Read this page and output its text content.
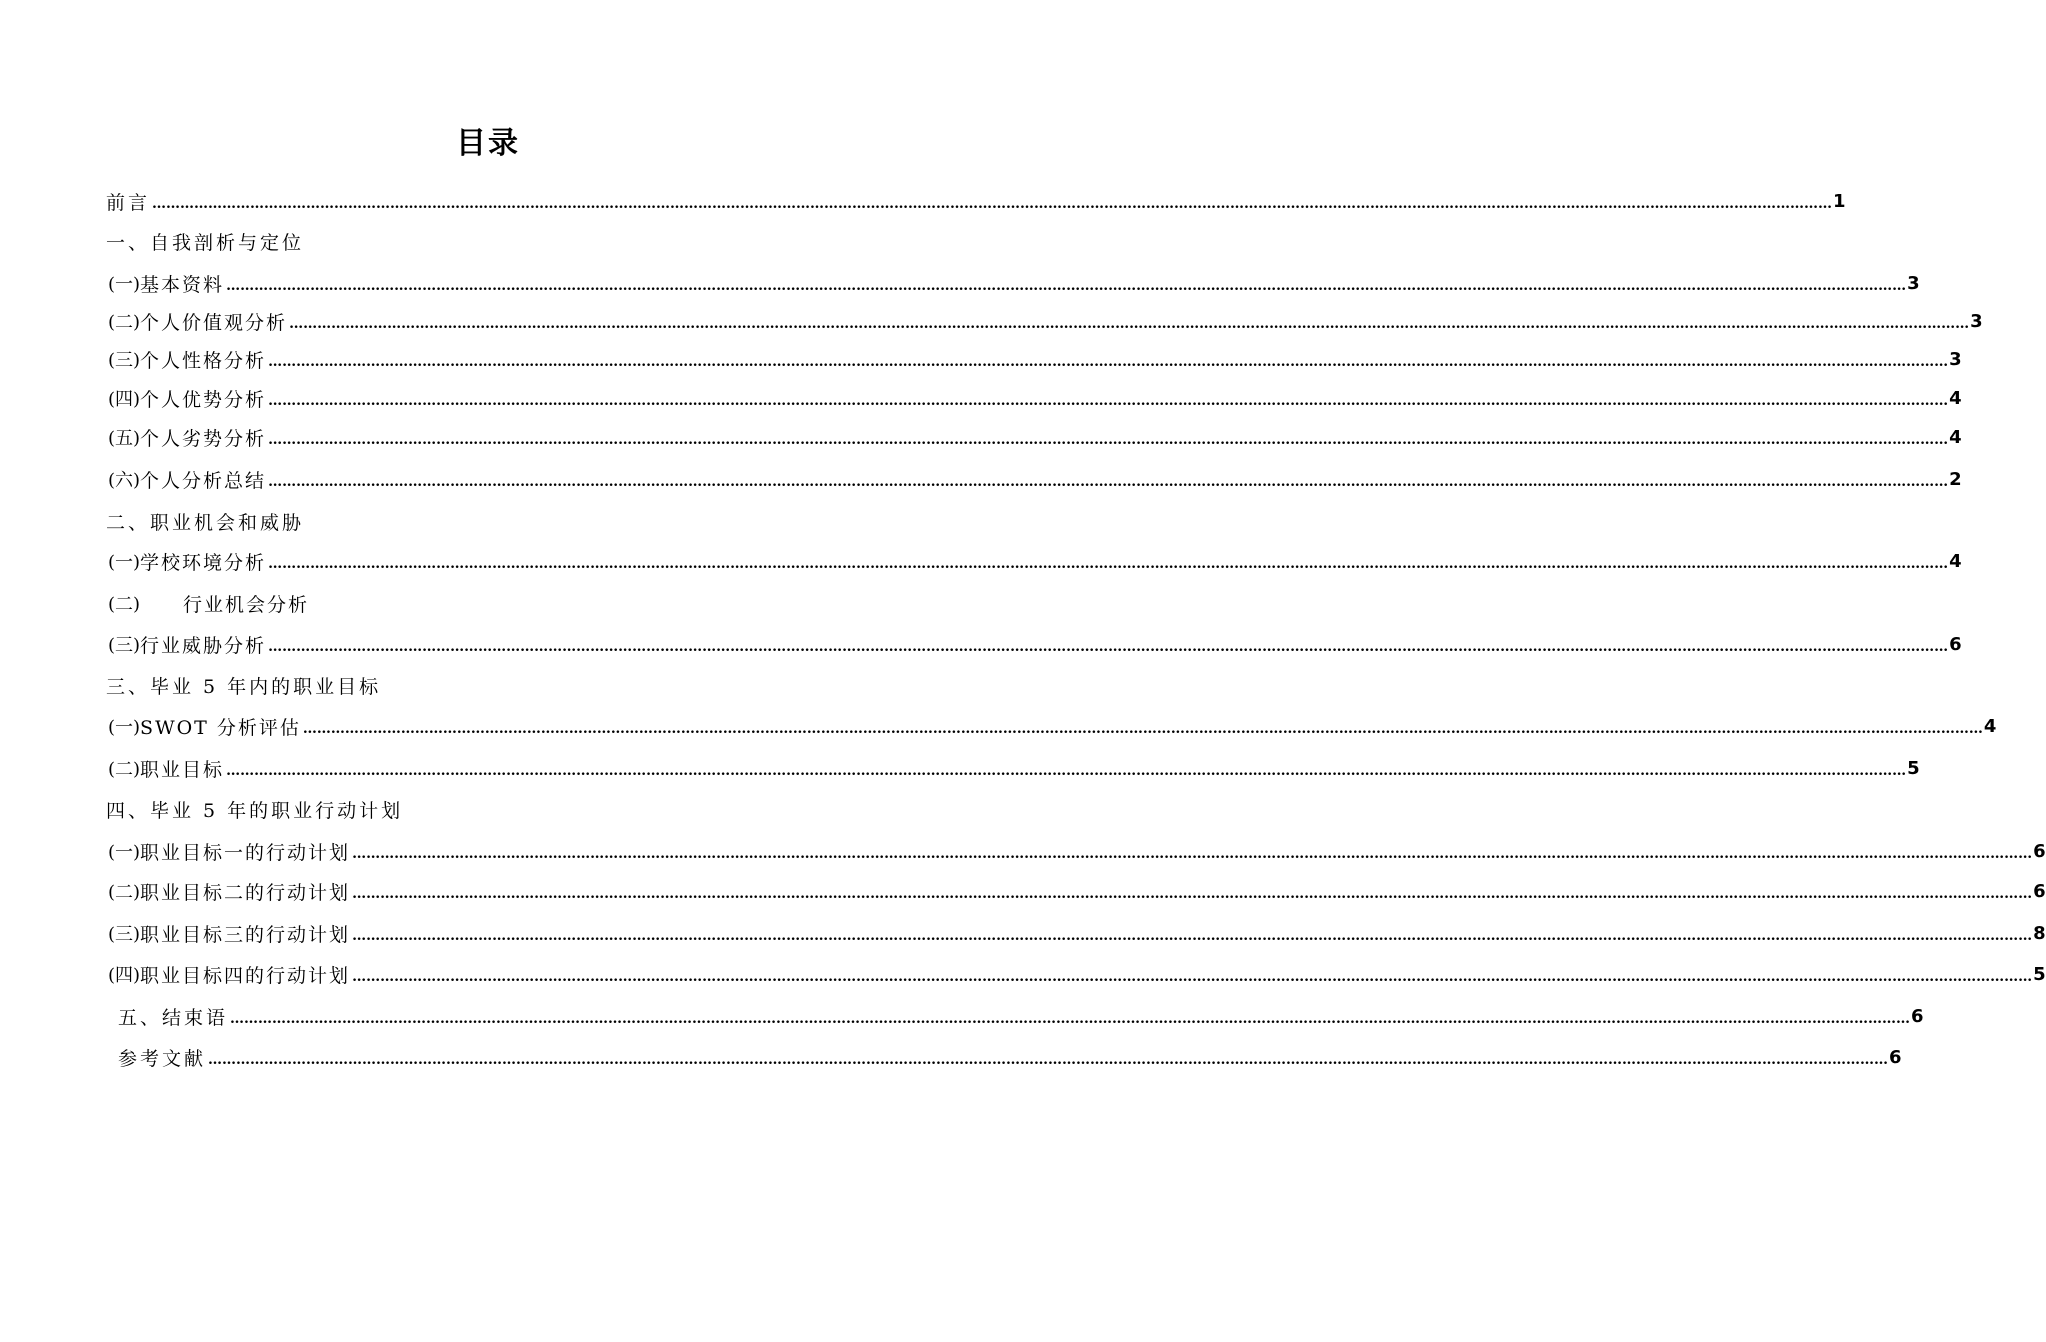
目录
前言 ……………………………………………………………………………………………………………………………………………………………………………………………………………………………………………………………………………………………………………………………… 1
一、自我剖析与定位
(一) 基本资料 ……………………………………………………………………………………………………………………………………………………………………………………………………………………………………………………………………………………………………………………………… 3
(二) 个人价值观分析 ……………………………………………………………………………………………………………………………………………………………………………………………………………………………………………………………………………………………………………………………… 3
(三) 个人性格分析 ……………………………………………………………………………………………………………………………………………………………………………………………………………………………………………………………………………………………………………………………… 3
(四) 个人优势分析 ……………………………………………………………………………………………………………………………………………………………………………………………………………………………………………………………………………………………………………………………… 4
(五) 个人劣势分析 ……………………………………………………………………………………………………………………………………………………………………………………………………………………………………………………………………………………………………………………………… 4
(六) 个人分析总结 ……………………………………………………………………………………………………………………………………………………………………………………………………………………………………………………………………………………………………………………………… 2
二、职业机会和威胁
(一) 学校环境分析 ……………………………………………………………………………………………………………………………………………………………………………………………………………………………………………………………………………………………………………………………… 4
(二)	行业机会分析
(三) 行业威胁分析 ……………………………………………………………………………………………………………………………………………………………………………………………………………………………………………………………………………………………………………………………… 6
三、毕业 5 年内的职业目标
(一) SWOT 分析评估 ……………………………………………………………………………………………………………………………………………………………………………………………………………………………………………………………………………………………………………………………… 4
(二) 职业目标 ……………………………………………………………………………………………………………………………………………………………………………………………………………………………………………………………………………………………………………………………… 5
四、毕业 5 年的职业行动计划
(一) 职业目标一的行动计划 ……………………………………………………………………………………………………………………………………………………………………………………………………………………………………………………………………………………………………………………………… 6
(二) 职业目标二的行动计划 ……………………………………………………………………………………………………………………………………………………………………………………………………………………………………………………………………………………………………………………………… 6
(三) 职业目标三的行动计划 ……………………………………………………………………………………………………………………………………………………………………………………………………………………………………………………………………………………………………………………………… 8
(四) 职业目标四的行动计划 ……………………………………………………………………………………………………………………………………………………………………………………………………………………………………………………………………………………………………………………………… 5
五、结束语 ……………………………………………………………………………………………………………………………………………………………………………………………………………………………………………………………………………………………………………………………… 6
参考文献 ……………………………………………………………………………………………………………………………………………………………………………………………………………………………………………………………………………………………………………………………… 6
